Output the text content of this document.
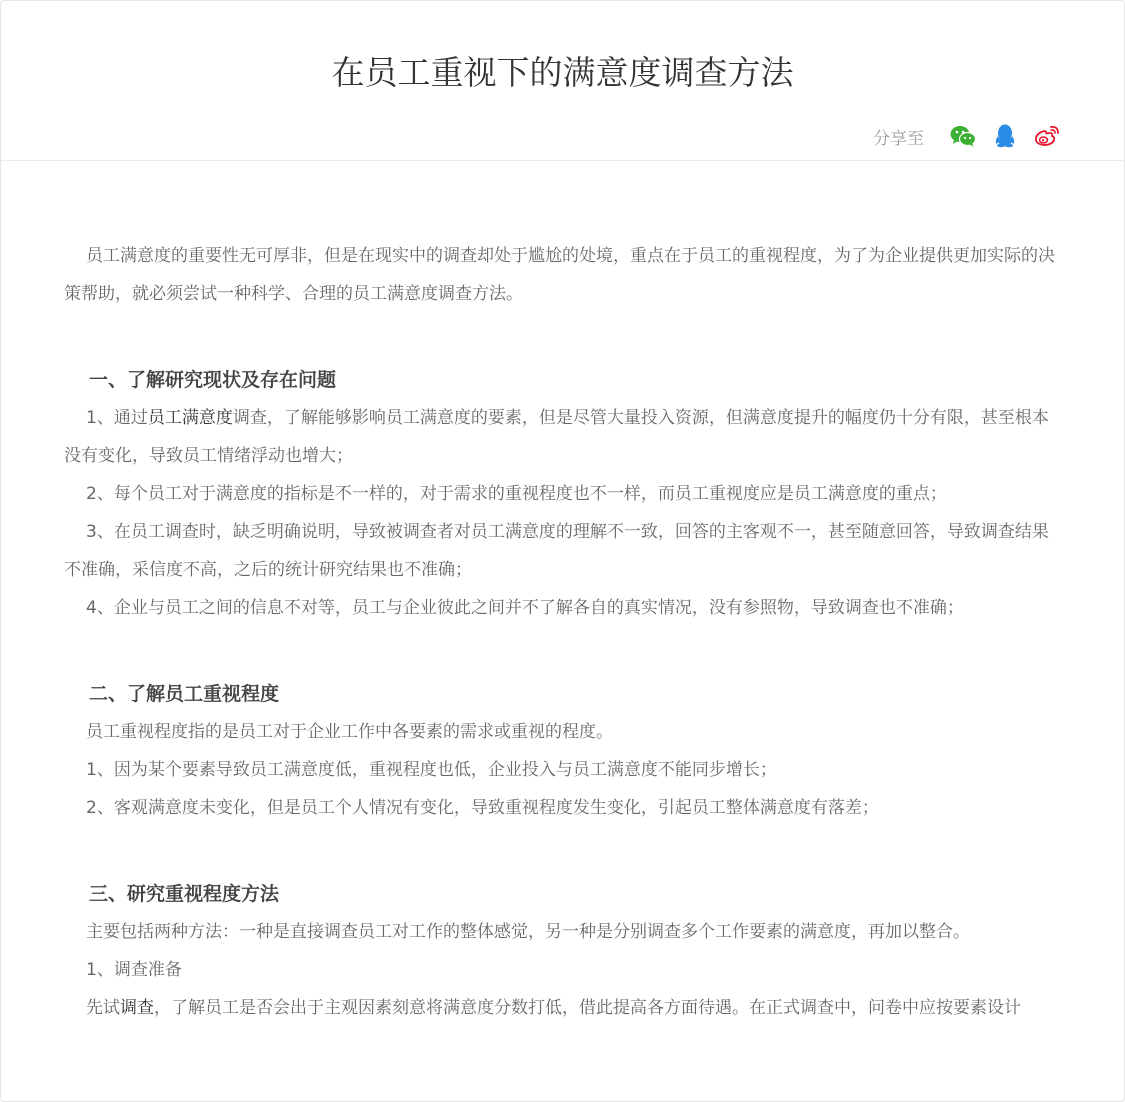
在员工重视下的满意度调查方法
分享至

员工满意度的重要性无可厚非，但是在现实中的调查却处于尴尬的处境，重点在于员工的重视程度，为了为企业提供更加实际的决策帮助，就必须尝试一种科学、合理的员工满意度调查方法。

一、了解研究现状及存在问题

1、通过员工满意度调查，了解能够影响员工满意度的要素，但是尽管大量投入资源，但满意度提升的幅度仍十分有限，甚至根本没有变化，导致员工情绪浮动也增大；

2、每个员工对于满意度的指标是不一样的，对于需求的重视程度也不一样，而员工重视度应是员工满意度的重点；

3、在员工调查时，缺乏明确说明，导致被调查者对员工满意度的理解不一致，回答的主客观不一，甚至随意回答，导致调查结果不准确，采信度不高，之后的统计研究结果也不准确；

4、企业与员工之间的信息不对等，员工与企业彼此之间并不了解各自的真实情况，没有参照物，导致调查也不准确；

二、了解员工重视程度

员工重视程度指的是员工对于企业工作中各要素的需求或重视的程度。

1、因为某个要素导致员工满意度低，重视程度也低，企业投入与员工满意度不能同步增长；

2、客观满意度未变化，但是员工个人情况有变化，导致重视程度发生变化，引起员工整体满意度有落差；

三、研究重视程度方法

主要包括两种方法：一种是直接调查员工对工作的整体感觉，另一种是分别调查多个工作要素的满意度，再加以整合。

1、调查准备

先试调查，了解员工是否会出于主观因素刻意将满意度分数打低，借此提高各方面待遇。在正式调查中，问卷中应按要素设计
